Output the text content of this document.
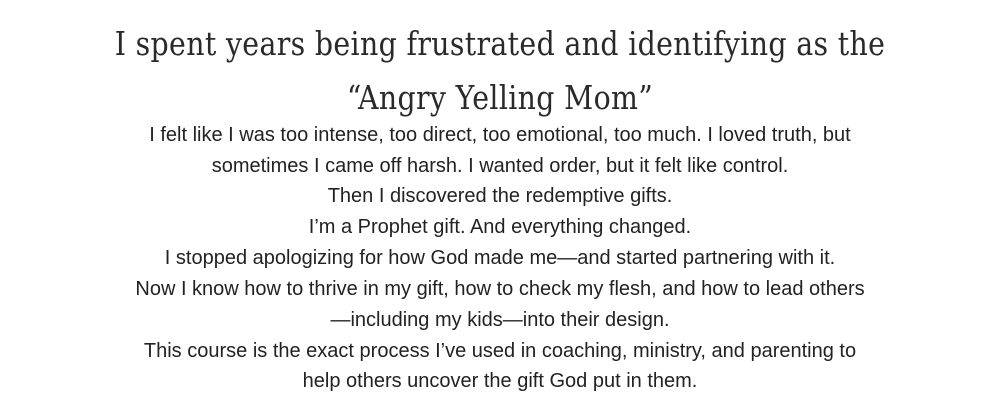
I spent years being frustrated and identifying as the
“Angry Yelling Mom”
I felt like I was too intense, too direct, too emotional, too much. I loved truth, but
sometimes I came off harsh. I wanted order, but it felt like control.
Then I discovered the redemptive gifts.
I’m a Prophet gift. And everything changed.
I stopped apologizing for how God made me—and started partnering with it.
Now I know how to thrive in my gift, how to check my flesh, and how to lead others
—including my kids—into their design.
This course is the exact process I’ve used in coaching, ministry, and parenting to
help others uncover the gift God put in them.
